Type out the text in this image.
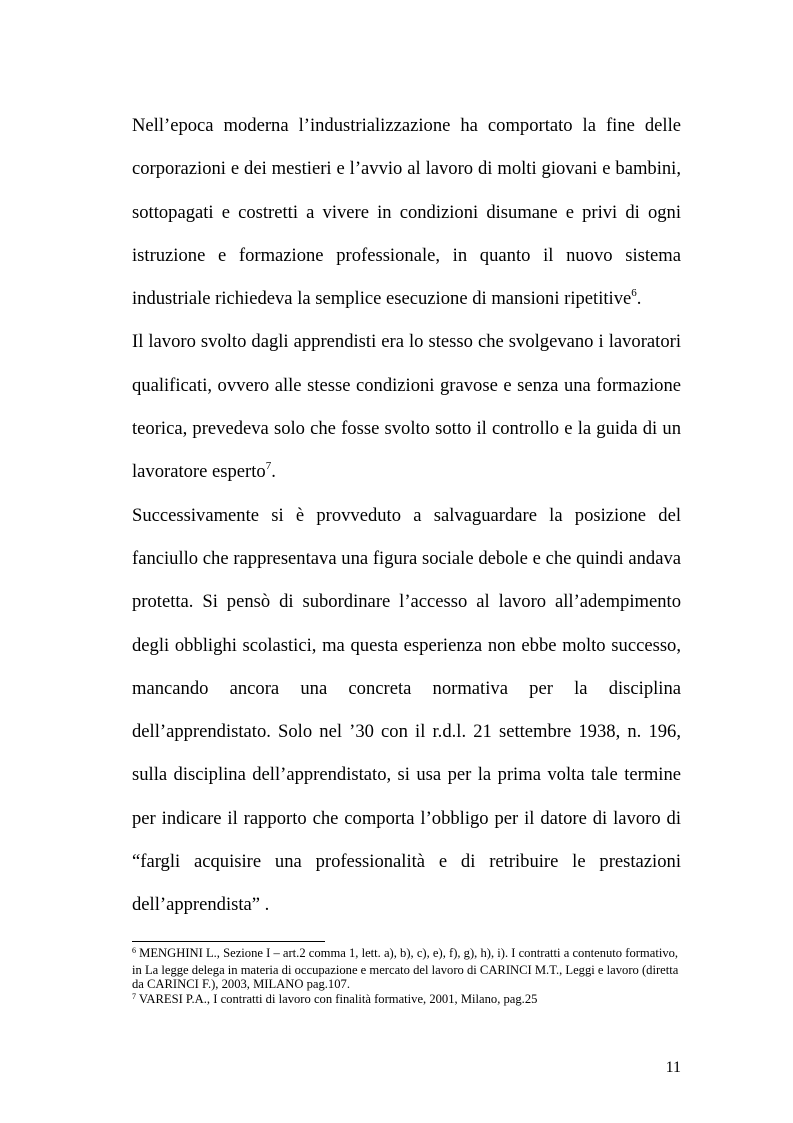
Nell’epoca moderna l’industrializzazione ha comportato la fine delle corporazioni e dei mestieri e l’avvio al lavoro di molti giovani e bambini, sottopagati e costretti a vivere in condizioni disumane e privi di ogni istruzione e formazione professionale, in quanto il nuovo sistema industriale richiedeva la semplice esecuzione di mansioni ripetitive$^6$.

Il lavoro svolto dagli apprendisti era lo stesso che svolgevano i lavoratori qualificati, ovvero alle stesse condizioni gravose e senza una formazione teorica, prevedeva solo che fosse svolto sotto il controllo e la guida di un lavoratore esperto$^7$.

Successivamente si è provveduto a salvaguardare la posizione del fanciullo che rappresentava una figura sociale debole e che quindi andava protetta. Si pensò di subordinare l’accesso al lavoro all’adempimento degli obblighi scolastici, ma questa esperienza non ebbe molto successo, mancando ancora una concreta normativa per la disciplina dell’apprendistato. Solo nel ’30 con il r.d.l. 21 settembre 1938, n. 196, sulla disciplina dell’apprendistato, si usa per la prima volta tale termine per indicare il rapporto che comporta l’obbligo per il datore di lavoro di “fargli acquisire una professionalità e di retribuire le prestazioni dell’apprendista” .

$^6$ MENGHINI L., Sezione I – art.2 comma 1, lett. a), b), c), e), f), g), h), i). I contratti a contenuto formativo, in La legge delega in materia di occupazione e mercato del lavoro di CARINCI M.T., Leggi e lavoro (diretta da CARINCI F.), 2003, MILANO pag.107.

$^7$ VARESI P.A., I contratti di lavoro con finalità formative, 2001, Milano, pag.25

11
